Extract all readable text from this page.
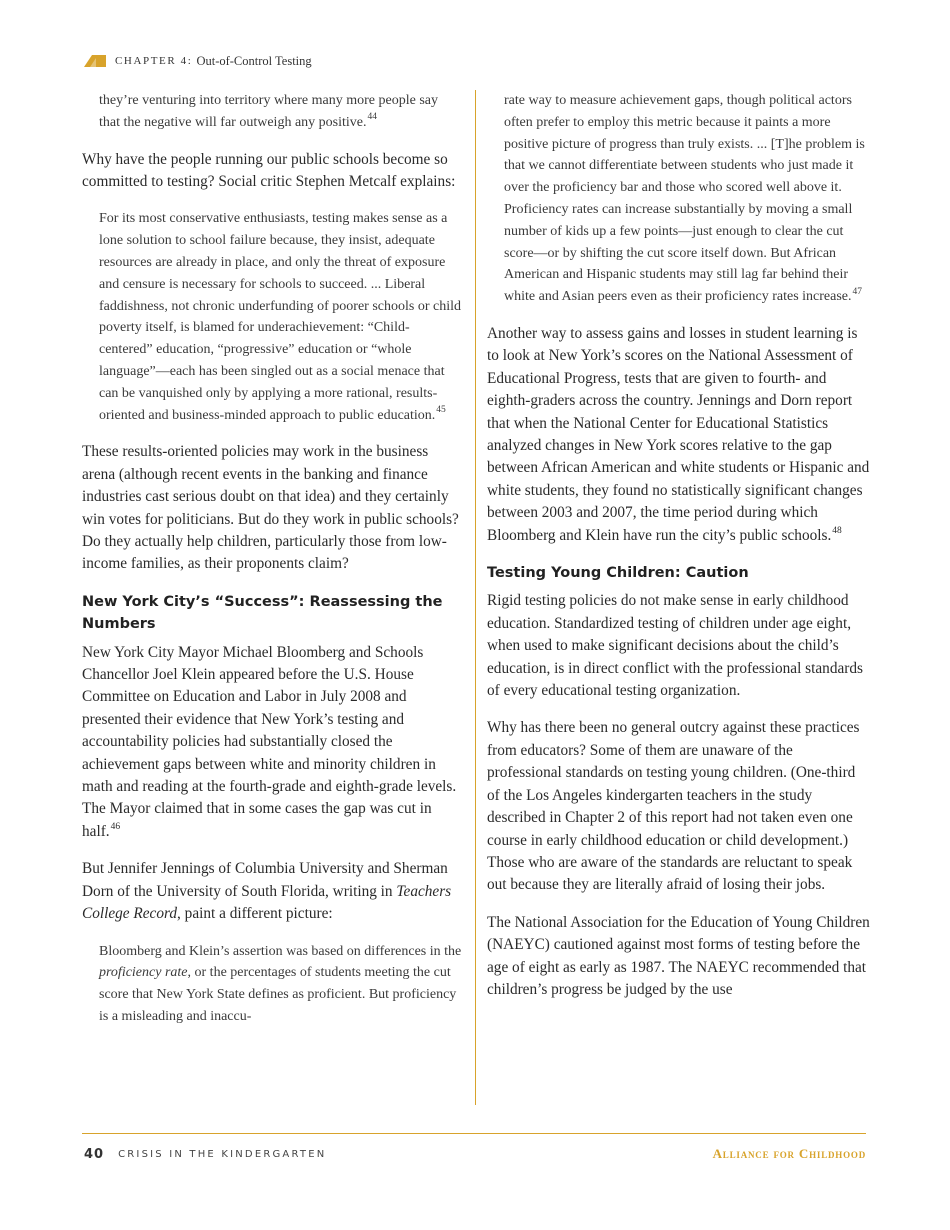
CHAPTER 4: Out-of-Control Testing

they’re venturing into territory where many more people say that the negative will far outweigh any positive.$^{44}$

Why have the people running our public schools become so committed to testing? Social critic Stephen Metcalf explains:

For its most conservative enthusiasts, testing makes sense as a lone solution to school failure because, they insist, adequate resources are already in place, and only the threat of exposure and censure is necessary for schools to succeed. ... Liberal faddishness, not chronic underfunding of poorer schools or child poverty itself, is blamed for underachievement: “Child-centered” education, “progressive” education or “whole language”—each has been singled out as a social menace that can be vanquished only by applying a more rational, results-oriented and business-minded approach to public education.$^{45}$

These results-oriented policies may work in the business arena (although recent events in the banking and finance industries cast serious doubt on that idea) and they certainly win votes for politicians. But do they work in public schools? Do they actually help children, particularly those from low-income families, as their proponents claim?

New York City’s “Success”: Reassessing the Numbers

New York City Mayor Michael Bloomberg and Schools Chancellor Joel Klein appeared before the U.S. House Committee on Education and Labor in July 2008 and presented their evidence that New York’s testing and accountability policies had substantially closed the achievement gaps between white and minority children in math and reading at the fourth-grade and eighth-grade levels. The Mayor claimed that in some cases the gap was cut in half.$^{46}$

But Jennifer Jennings of Columbia University and Sherman Dorn of the University of South Florida, writing in Teachers College Record, paint a different picture:

Bloomberg and Klein’s assertion was based on differences in the proficiency rate, or the percentages of students meeting the cut score that New York State defines as proficient. But proficiency is a misleading and inaccu-

rate way to measure achievement gaps, though political actors often prefer to employ this metric because it paints a more positive picture of progress than truly exists. ... [T]he problem is that we cannot differentiate between students who just made it over the proficiency bar and those who scored well above it. Proficiency rates can increase substantially by moving a small number of kids up a few points—just enough to clear the cut score—or by shifting the cut score itself down. But African American and Hispanic students may still lag far behind their white and Asian peers even as their proficiency rates increase.$^{47}$

Another way to assess gains and losses in student learning is to look at New York’s scores on the National Assessment of Educational Progress, tests that are given to fourth- and eighth-graders across the country. Jennings and Dorn report that when the National Center for Educational Statistics analyzed changes in New York scores relative to the gap between African American and white students or Hispanic and white students, they found no statistically significant changes between 2003 and 2007, the time period during which Bloomberg and Klein have run the city’s public schools.$^{48}$

Testing Young Children: Caution

Rigid testing policies do not make sense in early childhood education. Standardized testing of children under age eight, when used to make significant decisions about the child’s education, is in direct conflict with the professional standards of every educational testing organization.

Why has there been no general outcry against these practices from educators? Some of them are unaware of the professional standards on testing young children. (One-third of the Los Angeles kindergarten teachers in the study described in Chapter 2 of this report had not taken even one course in early childhood education or child development.) Those who are aware of the standards are reluctant to speak out because they are literally afraid of losing their jobs.

The National Association for the Education of Young Children (NAEYC) cautioned against most forms of testing before the age of eight as early as 1987. The NAEYC recommended that children’s progress be judged by the use

40 CRISIS IN THE KINDERGARTEN	Alliance for Childhood
